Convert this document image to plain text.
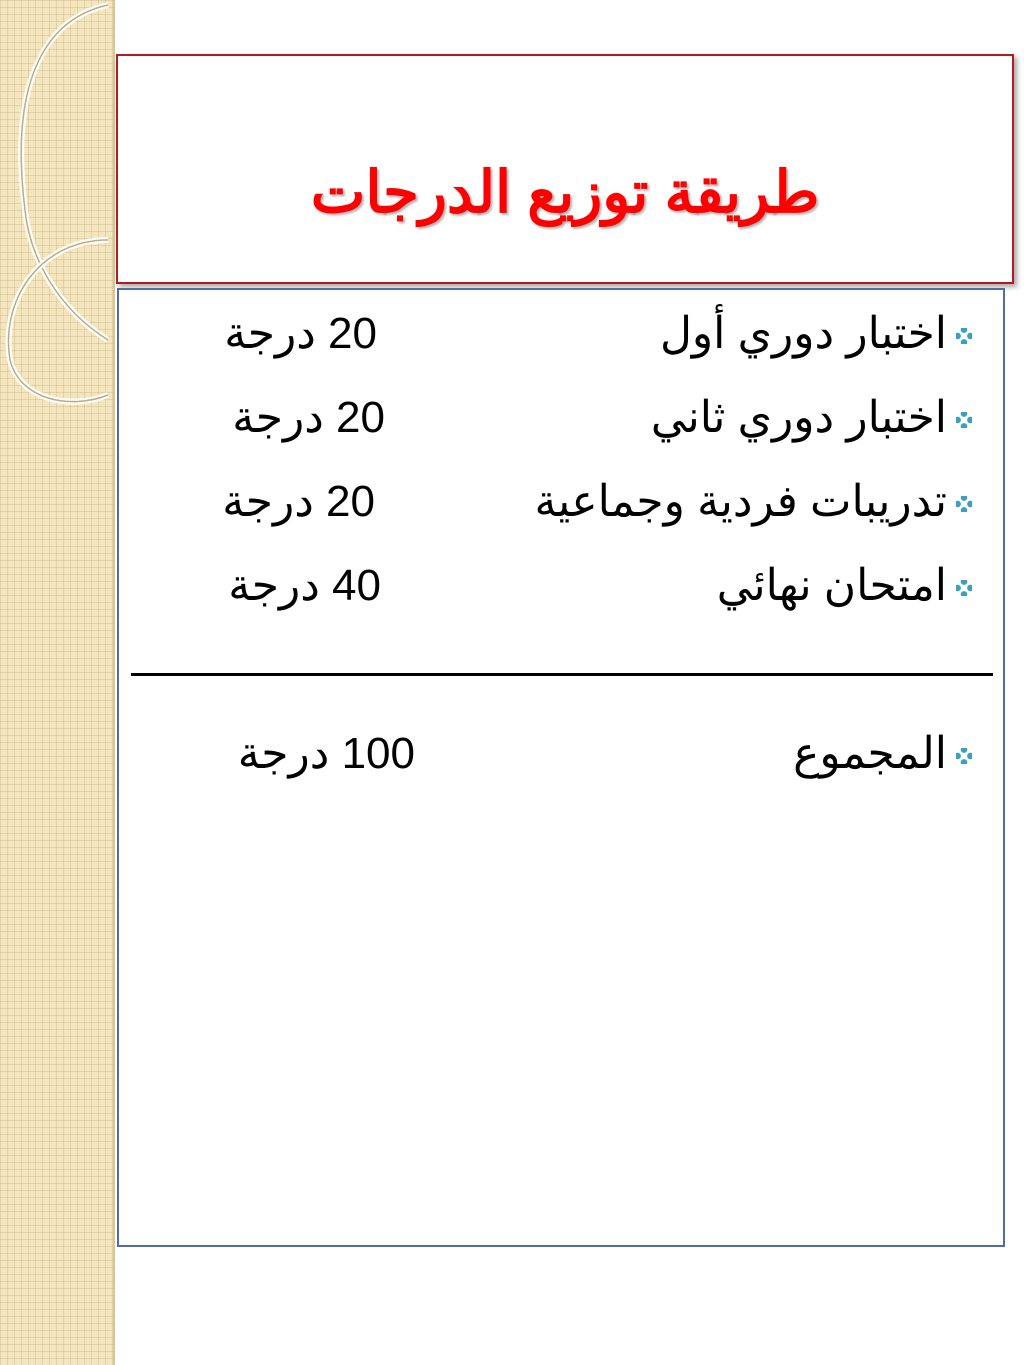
طريقة توزيع الدرجات
اختبار دوري أول
20 درجة
اختبار دوري ثاني
20 درجة
تدريبات فردية وجماعية
20 درجة
امتحان نهائي
40 درجة
المجموع
100 درجة
